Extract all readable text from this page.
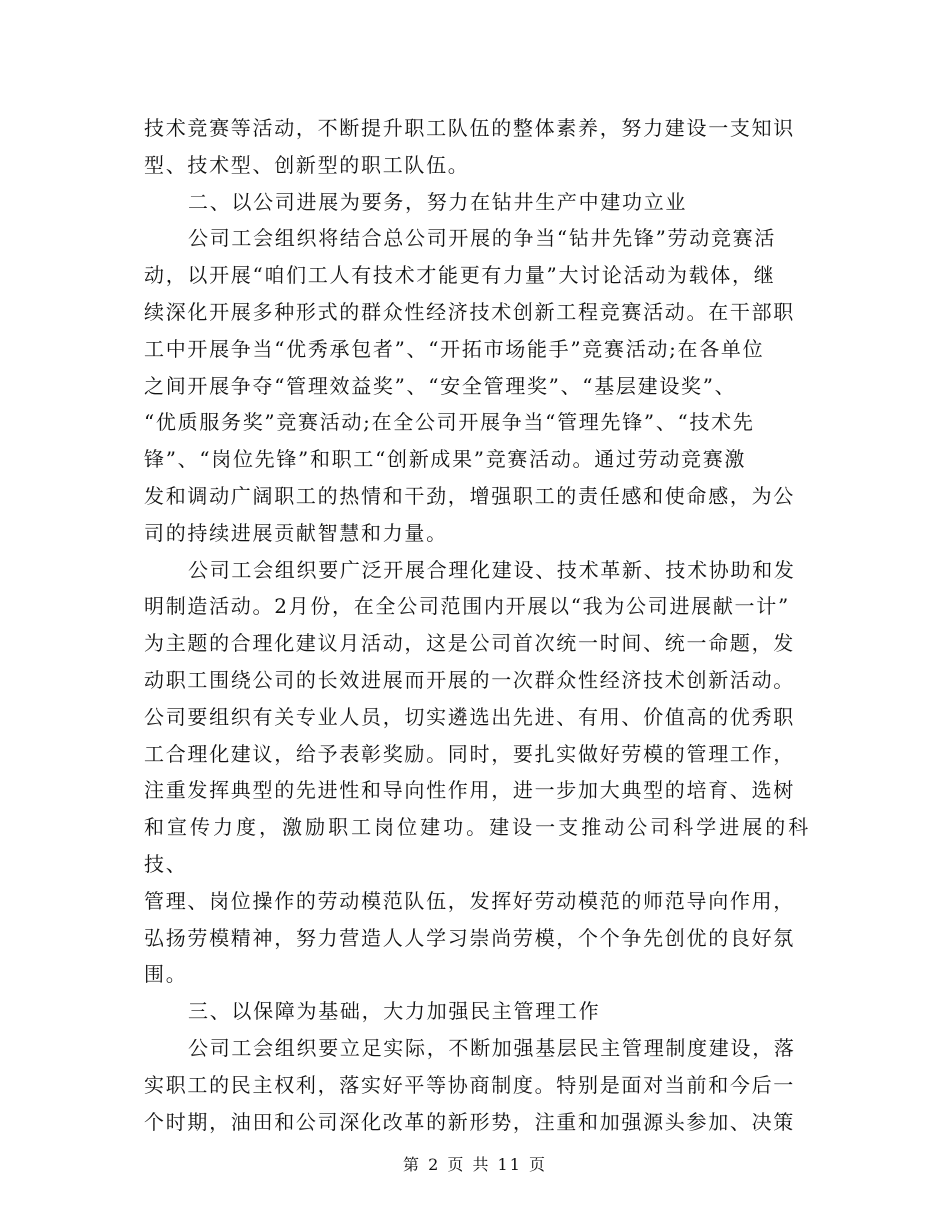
技术竞赛等活动，不断提升职工队伍的整体素养，努力建设一支知识
型、技术型、创新型的职工队伍。

二、以公司进展为要务，努力在钻井生产中建功立业

公司工会组织将结合总公司开展的争当“钻井先锋”劳动竞赛活
动，以开展“咱们工人有技术才能更有力量”大讨论活动为载体，继
续深化开展多种形式的群众性经济技术创新工程竞赛活动。在干部职
工中开展争当“优秀承包者”、“开拓市场能手”竞赛活动;在各单位
之间开展争夺“管理效益奖”、“安全管理奖”、“基层建设奖”、
“优质服务奖”竞赛活动;在全公司开展争当“管理先锋”、“技术先
锋”、“岗位先锋”和职工“创新成果”竞赛活动。通过劳动竞赛激
发和调动广阔职工的热情和干劲，增强职工的责任感和使命感，为公
司的持续进展贡献智慧和力量。

公司工会组织要广泛开展合理化建设、技术革新、技术协助和发
明制造活动。2月份，在全公司范围内开展以“我为公司进展献一计”
为主题的合理化建议月活动，这是公司首次统一时间、统一命题，发
动职工围绕公司的长效进展而开展的一次群众性经济技术创新活动。
公司要组织有关专业人员，切实遴选出先进、有用、价值高的优秀职
工合理化建议，给予表彰奖励。同时，要扎实做好劳模的管理工作，
注重发挥典型的先进性和导向性作用，进一步加大典型的培育、选树
和宣传力度，激励职工岗位建功。建设一支推动公司科学进展的科技、
管理、岗位操作的劳动模范队伍，发挥好劳动模范的师范导向作用，
弘扬劳模精神，努力营造人人学习崇尚劳模，个个争先创优的良好氛
围。

三、以保障为基础，大力加强民主管理工作

公司工会组织要立足实际，不断加强基层民主管理制度建设，落
实职工的民主权利，落实好平等协商制度。特别是面对当前和今后一
个时期，油田和公司深化改革的新形势，注重和加强源头参加、决策

第 2 页 共 11 页
